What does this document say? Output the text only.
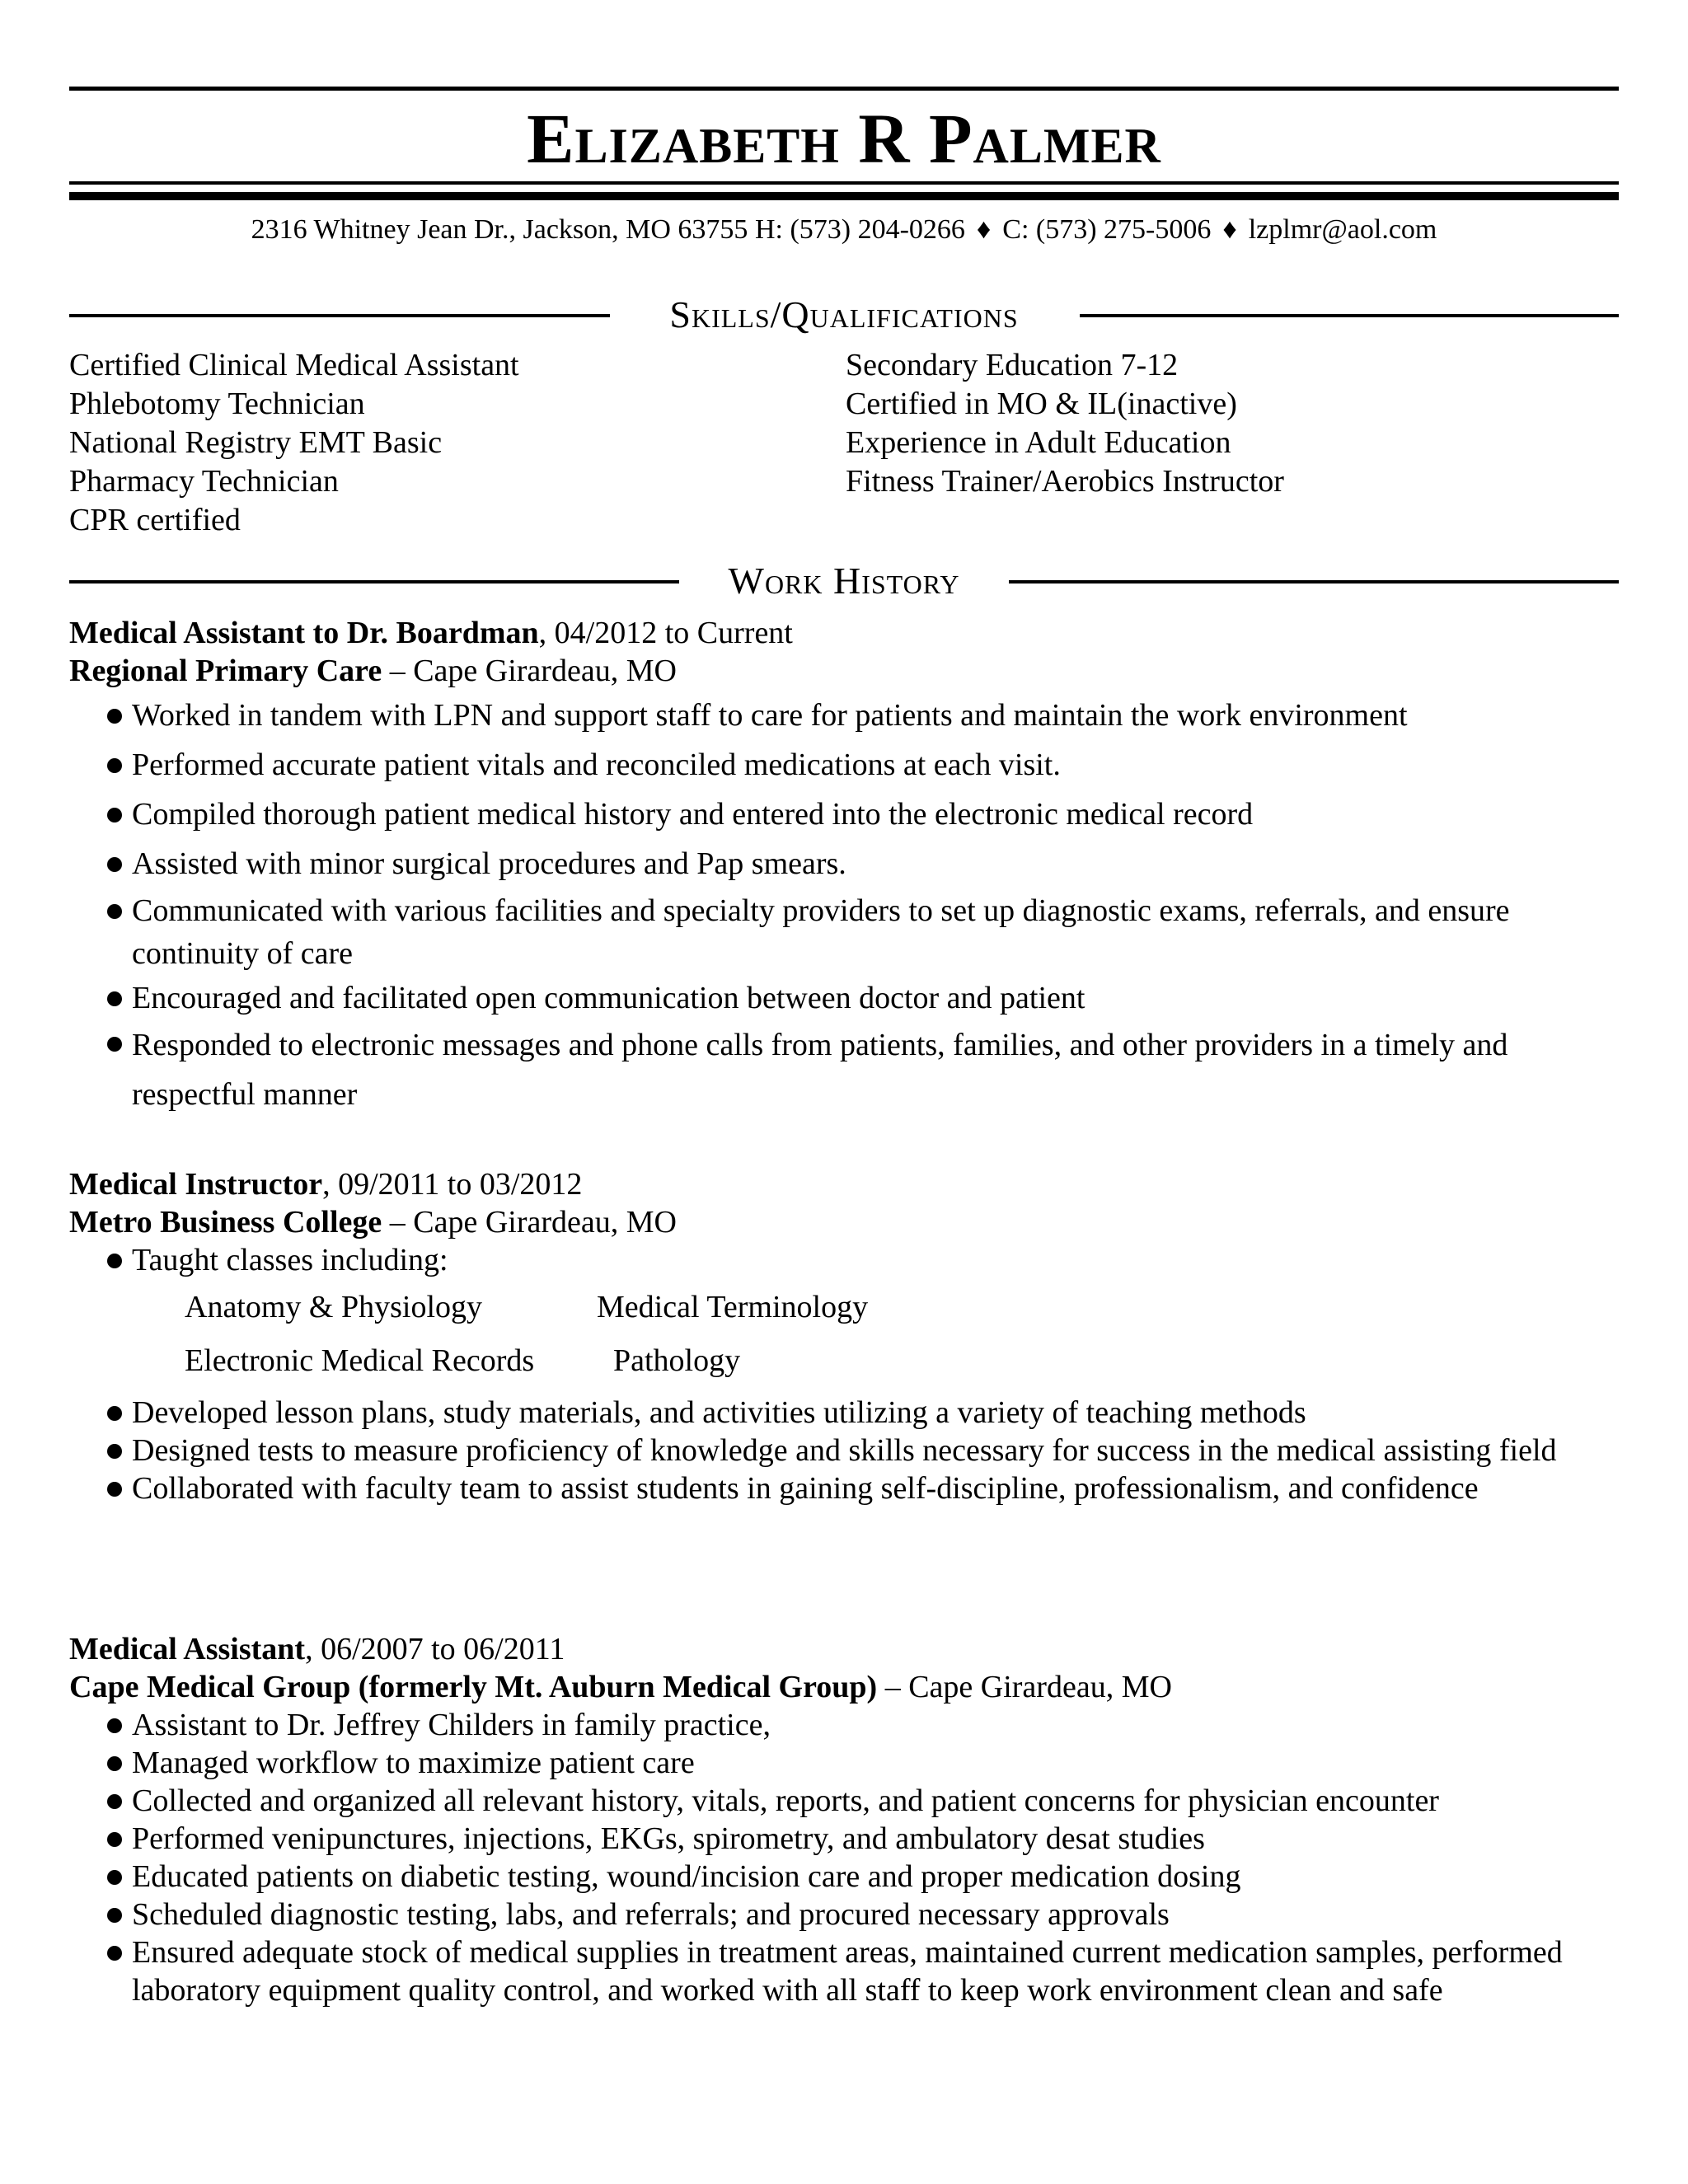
Elizabeth R Palmer
2316 Whitney Jean Dr., Jackson, MO 63755 H: (573) 204-0266 ♦ C: (573) 275-5006 ♦ lzplmr@aol.com
Skills/Qualifications
Certified Clinical Medical Assistant
Phlebotomy Technician
National Registry EMT Basic
Pharmacy Technician
CPR certified
Secondary Education 7-12
Certified in MO & IL(inactive)
Experience in Adult Education
Fitness Trainer/Aerobics Instructor
Work History
Medical Assistant to Dr. Boardman, 04/2012 to Current
Regional Primary Care – Cape Girardeau, MO
Worked in tandem with LPN and support staff to care for patients and maintain the work environment
Performed accurate patient vitals and reconciled medications at each visit.
Compiled thorough patient medical history and entered into the electronic medical record
Assisted with minor surgical procedures and Pap smears.
Communicated with various facilities and specialty providers to set up diagnostic exams, referrals, and ensure continuity of care
Encouraged and facilitated open communication between doctor and patient
Responded to electronic messages and phone calls from patients, families, and other providers in a timely and respectful manner
Medical Instructor, 09/2011 to 03/2012
Metro Business College – Cape Girardeau, MO
Taught classes including:
Anatomy & Physiology	Medical Terminology
Electronic Medical Records	Pathology
Developed lesson plans, study materials, and activities utilizing a variety of teaching methods
Designed tests to measure proficiency of knowledge and skills necessary for success in the medical assisting field
Collaborated with faculty team to assist students in gaining self-discipline, professionalism, and confidence
Medical Assistant, 06/2007 to 06/2011
Cape Medical Group (formerly Mt. Auburn Medical Group) – Cape Girardeau, MO
Assistant to Dr. Jeffrey Childers in family practice,
Managed workflow to maximize patient care
Collected and organized all relevant history, vitals, reports, and patient concerns for physician encounter
Performed venipunctures, injections, EKGs, spirometry, and ambulatory desat studies
Educated patients on diabetic testing, wound/incision care and proper medication dosing
Scheduled diagnostic testing, labs, and referrals; and procured necessary approvals
Ensured adequate stock of medical supplies in treatment areas, maintained current medication samples, performed laboratory equipment quality control, and worked with all staff to keep work environment clean and safe
